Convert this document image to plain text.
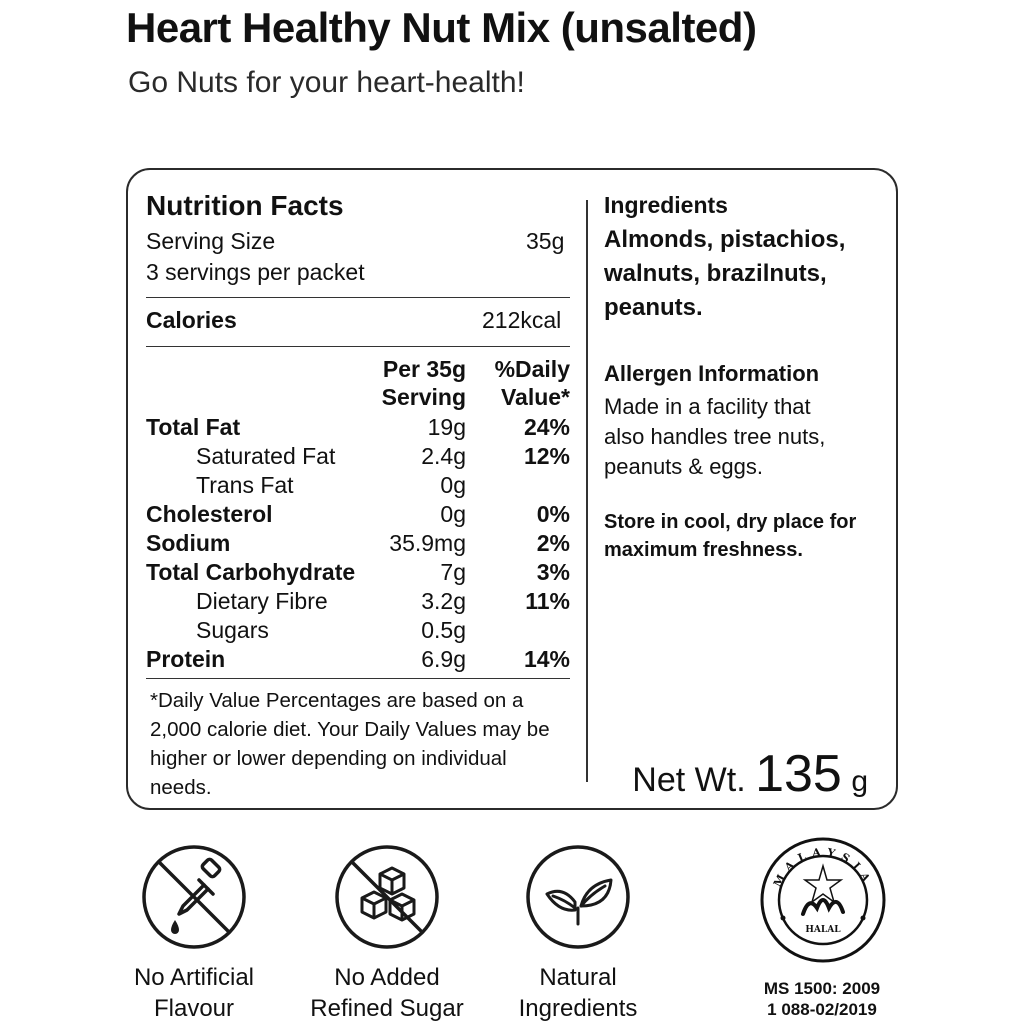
Heart Healthy Nut Mix (unsalted)
Go Nuts for your heart-health!
Nutrition Facts
Serving Size	35g
3 servings per packet
Calories	212kcal
Per 35g
Serving
%Daily
Value*
Total Fat	19g	24%
Saturated Fat	2.4g	12%
Trans Fat	0g
Cholesterol	0g	0%
Sodium	35.9mg	2%
Total Carbohydrate	7g	3%
Dietary Fibre	3.2g	11%
Sugars	0.5g
Protein	6.9g	14%
*Daily Value Percentages are based on a 2,000 calorie diet. Your Daily Values may be higher or lower depending on individual needs.
Ingredients
Almonds, pistachios,
walnuts, brazilnuts,
peanuts.
Allergen Information
Made in a facility that
also handles tree nuts,
peanuts & eggs.
Store in cool, dry place for
maximum freshness.
Net Wt. 135 g
No Artificial
Flavour
No Added
Refined Sugar
Natural
Ingredients
MALAYSIA
HALAL
MS 1500: 2009
1 088-02/2019
